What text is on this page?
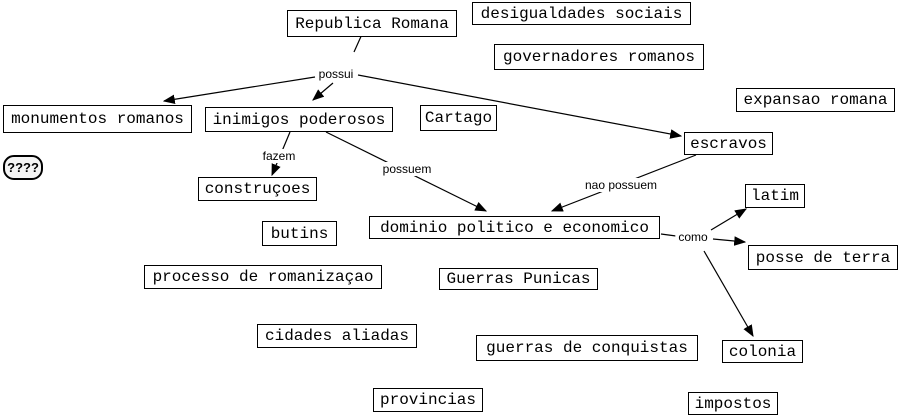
Republica Romana
desigualdades sociais
governadores romanos
expansao romana
monumentos romanos	inimigos poderosos	Cartago
escravos
????
construçoes
butins	dominio politico e economico
latim
posse de terra
processo de romanizaçao	Guerras Punicas
cidades aliadas
guerras de conquistas	colonia
provincias	impostos
possui
fazem
possuem
nao possuem
como
